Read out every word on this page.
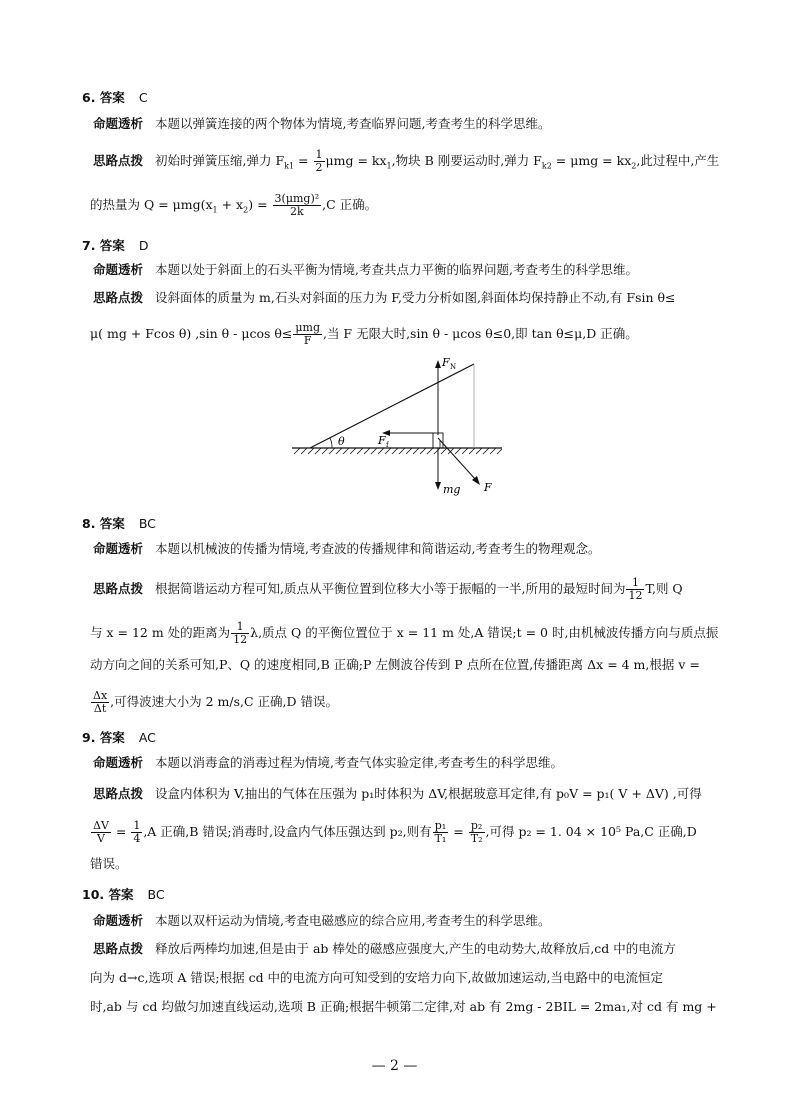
6. 答案 C
命题透析 本题以弹簧连接的两个物体为情境,考查临界问题,考查考生的科学思维。
思路点拨 初始时弹簧压缩,弹力 $F_{k1} = \frac{1}{2}$ $\mu mg = kx_1$,物块 B 刚要运动时,弹力 $F_{k2} = \mu mg = kx_2$,此过程中,产生
的热量为 $Q = \mu mg(x_1 + x_2) = \frac{\text{3(μmg)²}}{2k} ,C$ 正确。
7. 答案 D
命题透析 本题以处于斜面上的石头平衡为情境,考查共点力平衡的临界问题,考查考生的科学思维。
思路点拨 设斜面体的质量为 m,石头对斜面的压力为 F,受力分析如图,斜面体均保持静止不动,有 Fsin θ≤
μ( mg + Fcos θ) ,sin θ - μcos $\theta\le \frac{\text{μmg}}{F}$ ,当 F 无限大时,sin θ - μcos θ≤0,即 tan θ≤μ,D 正确。
θ
F N
F f
mg F
8. 答案 BC
命题透析 本题以机械波的传播为情境,考查波的传播规律和简谐运动,考查考生的物理观念。
思路点拨 根据简谐运动方程可知,质点从平衡位置到位移大小等于振幅的一半,所用的最短时间为 $\frac{1}{12} T$,则 Q
与 x = 12 m 处的距离为 $\frac{1}{12} \lambda$,质点 Q 的平衡位置位于 x = 11 m 处,A 错误;t = 0 时,由机械波传播方向与质点振
动方向之间的关系可知,P、Q 的速度相同,B 正确;P 左侧波谷传到 P 点所在位置,传播距离 Δx = 4 m,根据 v =
$\frac{\Delta x}{\Delta t}$ ,可得波速大小为 2 m/s,C 正确,D 错误。
9. 答案 AC
命题透析 本题以消毒盒的消毒过程为情境,考查气体实验定律,考查考生的科学思维。
思路点拨 设盒内体积为 V,抽出的气体在压强为 p₁时体积为 ΔV,根据玻意耳定律,有 p₀V = p₁( V + ΔV) ,可得
$\frac{\Delta V}{V} = \frac{1}{4} ,A$ 正确,B 错误;消毒时,设盒内气体压强达到 p₂,则有 $\frac{\text{p₁}}{\text{T₁}} = \frac{\text{p₂}}{\text{T₂}}$ ,可得 p₂ = 1. 04 × 10⁵ Pa,C 正确,D
错误。
10. 答案 BC
命题透析 本题以双杆运动为情境,考查电磁感应的综合应用,考查考生的科学思维。
思路点拨 释放后两棒均加速,但是由于 ab 棒处的磁感应强度大,产生的电动势大,故释放后,cd 中的电流方
向为 d→c,选项 A 错误;根据 cd 中的电流方向可知受到的安培力向下,故做加速运动,当电路中的电流恒定
时,ab 与 cd 均做匀加速直线运动,选项 B 正确;根据牛顿第二定律,对 ab 有 2mg - 2BIL = 2ma₁,对 cd 有 mg +
— 2 —
